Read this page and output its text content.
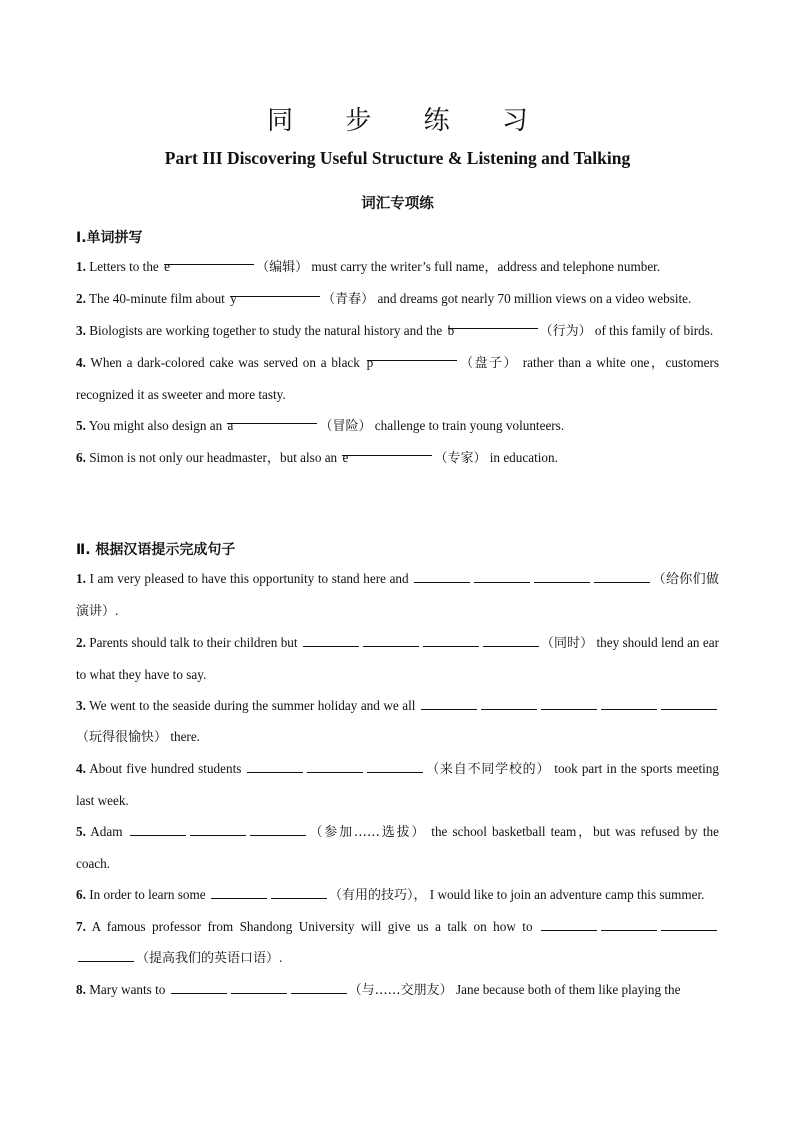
同 步 练 习
Part III Discovering Useful Structure & Listening and Talking
词汇专项练
Ⅰ.单词拼写
1. Letters to the e	（编辑） must carry the writer’s full name，address and telephone number.
2. The 40-minute film about y	（青春） and dreams got nearly 70 million views on a video website.
3. Biologists are working together to study the natural history and the b	（行为） of this family of birds.
4. When a dark-colored cake was served on a black p	（盘子） rather than a white one，customers recognized it as sweeter and more tasty.
5. You might also design an a	（冒险） challenge to train young volunteers.
6. Simon is not only our headmaster，but also an e	（专家） in education.
Ⅱ. 根据汉语提示完成句子
1. I am very pleased to have this opportunity to stand here and	（给你们做演讲）.
2. Parents should talk to their children but	（同时） they should lend an ear to what they have to say.
3. We went to the seaside during the summer holiday and we all （玩得很愉快） there.
4. About five hundred students	（来自不同学校的） took part in the sports meeting last week.
5. Adam	（参加……选拔） the school basketball team，but was refused by the coach.
6. In order to learn some	（有用的技巧）， I would like to join an adventure camp this summer.
7. A famous professor from Shandong University will give us a talk on how to （提高我们的英语口语）.
8. Mary wants to	（与……交朋友） Jane because both of them like playing the
